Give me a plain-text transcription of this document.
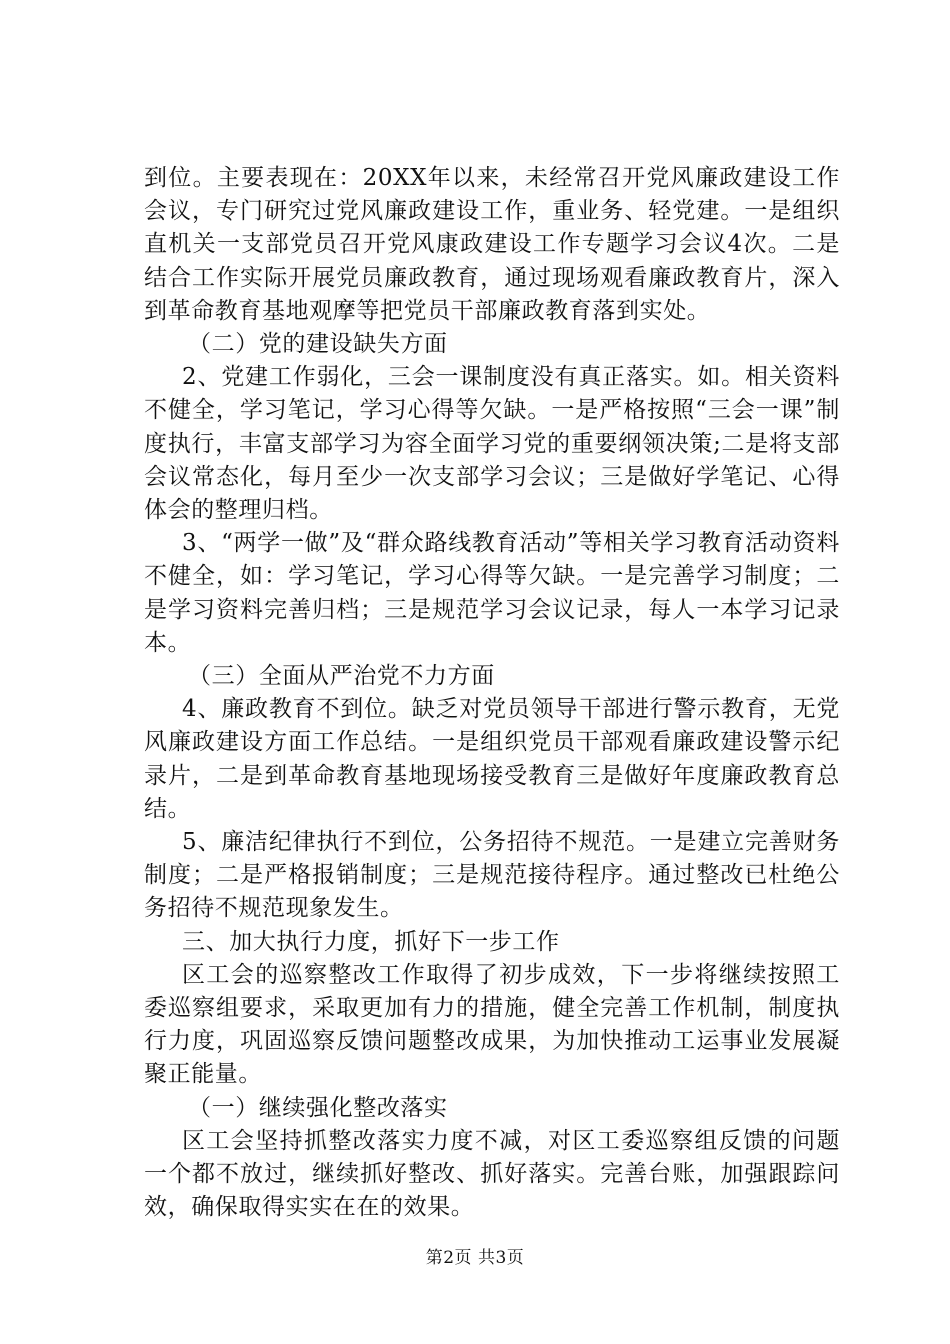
到位。主要表现在：20XX年以来，未经常召开党风廉政建设工作会议，专门研究过党风廉政建设工作，重业务、轻党建。一是组织直机关一支部党员召开党风康政建设工作专题学习会议4次。二是结合工作实际开展党员廉政教育，通过现场观看廉政教育片，深入到革命教育基地观摩等把党员干部廉政教育落到实处。

（二）党的建设缺失方面

2、党建工作弱化，三会一课制度没有真正落实。如。相关资料不健全，学习笔记，学习心得等欠缺。一是严格按照“三会一课”制度执行，丰富支部学习为容全面学习党的重要纲领决策;二是将支部会议常态化，每月至少一次支部学习会议；三是做好学笔记、心得体会的整理归档。

3、“两学一做”及“群众路线教育活动”等相关学习教育活动资料不健全，如：学习笔记，学习心得等欠缺。一是完善学习制度；二是学习资料完善归档；三是规范学习会议记录，每人一本学习记录本。

（三）全面从严治党不力方面

4、廉政教育不到位。缺乏对党员领导干部进行警示教育，无党风廉政建设方面工作总结。一是组织党员干部观看廉政建设警示纪录片，二是到革命教育基地现场接受教育三是做好年度廉政教育总结。

5、廉洁纪律执行不到位，公务招待不规范。一是建立完善财务制度；二是严格报销制度；三是规范接待程序。通过整改已杜绝公务招待不规范现象发生。

三、加大执行力度，抓好下一步工作

区工会的巡察整改工作取得了初步成效，下一步将继续按照工委巡察组要求，采取更加有力的措施，健全完善工作机制，制度执行力度，巩固巡察反馈问题整改成果，为加快推动工运事业发展凝聚正能量。

（一）继续强化整改落实

区工会坚持抓整改落实力度不减，对区工委巡察组反馈的问题一个都不放过，继续抓好整改、抓好落实。完善台账，加强跟踪问效，确保取得实实在在的效果。

第2页 共3页
